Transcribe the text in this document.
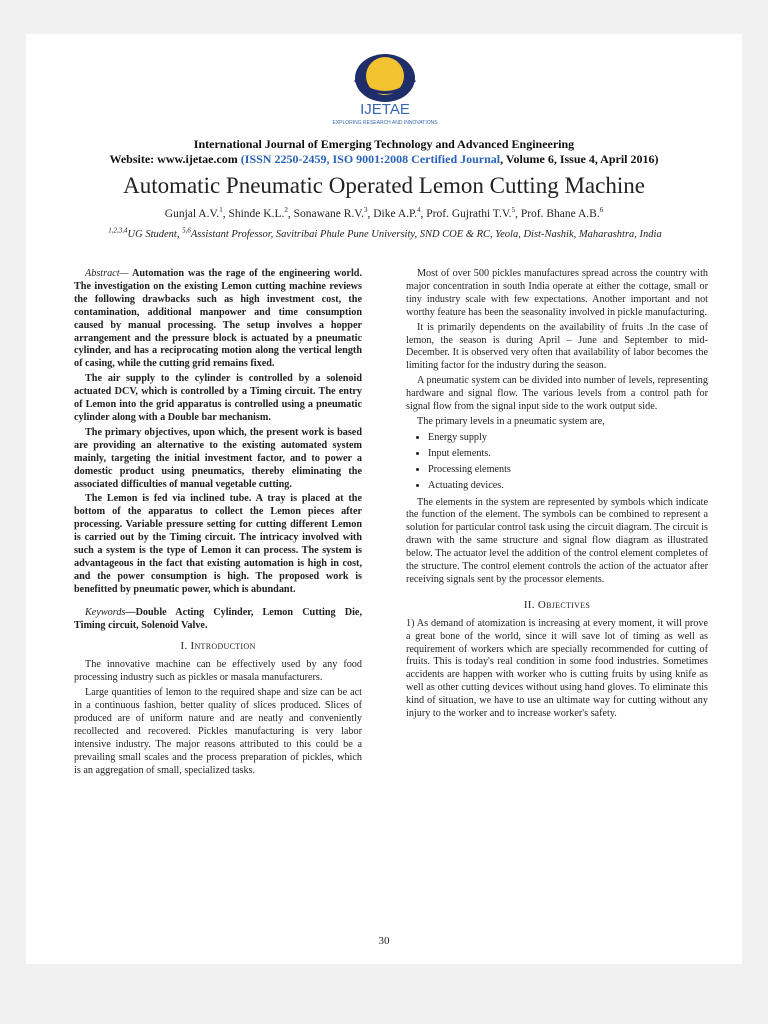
IJETAE
EXPLORING RESEARCH AND INNOVATIONS
International Journal of Emerging Technology and Advanced Engineering
Website: www.ijetae.com (ISSN 2250-2459, ISO 9001:2008 Certified Journal, Volume 6, Issue 4, April 2016)
Automatic Pneumatic Operated Lemon Cutting Machine
Gunjal A.V.$^1$, Shinde K.L.$^2$, Sonawane R.V.$^3$, Dike A.P.$^4$, Prof. Gujrathi T.V.$^5$, Prof. Bhane A.B.$^6$
$^{1,2,3,4}$UG Student, $^{5,6}$Assistant Professor, Savitribai Phule Pune University, SND COE & RC, Yeola, Dist-Nashik, Maharashtra, India

Abstract— Automation was the rage of the engineering world. The investigation on the existing Lemon cutting machine reviews the following drawbacks such as high investment cost, the contamination, additional manpower and time consumption caused by manual processing. The setup involves a hopper arrangement and the pressure block is actuated by a pneumatic cylinder, and has a reciprocating motion along the vertical length of casing, while the cutting grid remains fixed.

The air supply to the cylinder is controlled by a solenoid actuated DCV, which is controlled by a Timing circuit. The entry of Lemon into the grid apparatus is controlled using a pneumatic cylinder along with a Double bar mechanism.

The primary objectives, upon which, the present work is based are providing an alternative to the existing automated system mainly, targeting the initial investment factor, and to power a domestic product using pneumatics, thereby eliminating the associated difficulties of manual vegetable cutting.

The Lemon is fed via inclined tube. A tray is placed at the bottom of the apparatus to collect the Lemon pieces after processing. Variable pressure setting for cutting different Lemon is carried out by the Timing circuit. The intricacy involved with such a system is the type of Lemon it can process. The system is advantageous in the fact that existing automation is high in cost, and the power consumption is high. The proposed work is benefitted by pneumatic power, which is abundant.

Keywords—Double Acting Cylinder, Lemon Cutting Die, Timing circuit, Solenoid Valve.

I. Introduction

The innovative machine can be effectively used by any food processing industry such as pickles or masala manufacturers.

Large quantities of lemon to the required shape and size can be act in a continuous fashion, better quality of slices produced. Slices of produced are of uniform nature and are neatly and conveniently recollected and recovered. Pickles manufacturing is very labor intensive industry. The major reasons attributed to this could be a prevailing small scales and the process preparation of pickles, which is an aggregation of small, specialized tasks.

Most of over 500 pickles manufactures spread across the country with major concentration in south India operate at either the cottage, small or tiny industry scale with few expectations. Another important and not worthy feature has been the seasonality involved in pickle manufacturing.

It is primarily dependents on the availability of fruits .In the case of lemon, the season is during April – June and September to mid-December. It is observed very often that availability of labor becomes the limiting factor for the industry during the season.

A pneumatic system can be divided into number of levels, representing hardware and signal flow. The various levels from a control path for signal flow from the signal input side to the work output side.

The primary levels in a pneumatic system are,

• Energy supply
• Input elements.
• Processing elements
• Actuating devices.

The elements in the system are represented by symbols which indicate the function of the element. The symbols can be combined to represent a solution for particular control task using the circuit diagram. The circuit is drawn with the same structure and signal flow diagram as illustrated below. The actuator level the addition of the control element completes of the structure. The control element controls the action of the actuator after receiving signals sent by the processor elements.

II. Objectives

1) As demand of atomization is increasing at every moment, it will prove a great bone of the world, since it will save lot of timing as well as requirement of workers which are specially recommended for cutting of fruits. This is today's real condition in some food industries. Sometimes accidents are happen with worker who is cutting fruits by using knife as well as other cutting devices without using hand gloves. To eliminate this kind of situation, we have to use an ultimate way for cutting without any injury to the worker and to increase worker's safety.

30
